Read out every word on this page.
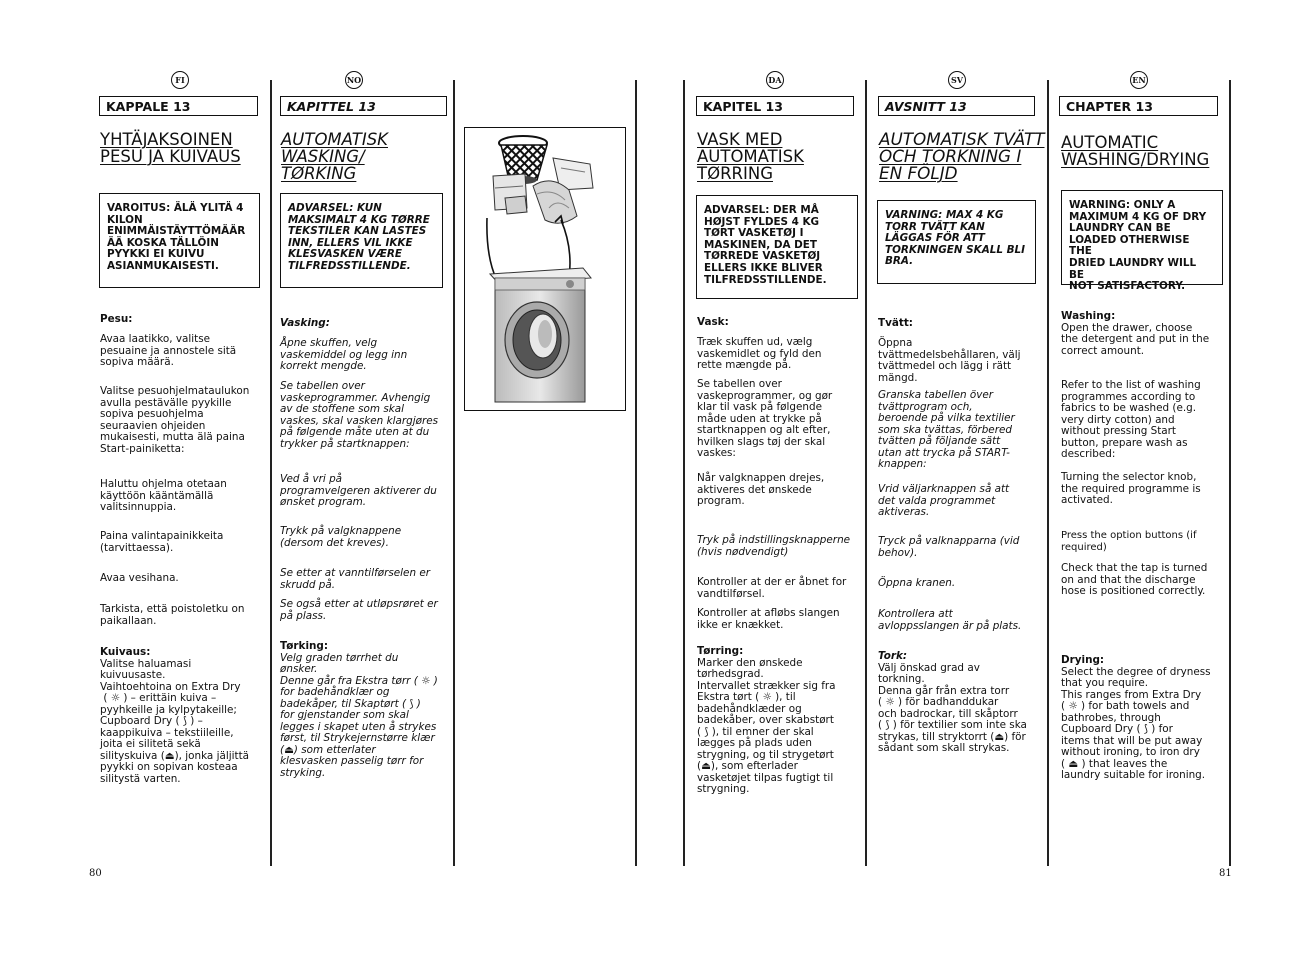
FI	NO	DA	SV	EN
KAPPALE 13
YHTÄJAKSOINEN
PESU JA KUIVAUS
VAROITUS: ÄLÄ YLITÄ 4
KILON
ENIMMÄISTÄYTTÖMÄÄR
ÄÄ KOSKA TÄLLÖIN
PYYKKI EI KUIVU
ASIANMUKAISESTI.
Pesu:
Avaa laatikko, valitse
pesuaine ja annostele sitä
sopiva määrä.
Valitse pesuohjelmataulukon
avulla pestävälle pyykille
sopiva pesuohjelma
seuraavien ohjeiden
mukaisesti, mutta älä paina
Start-painiketta:
Haluttu ohjelma otetaan
käyttöön kääntämällä
valitsinnuppia.
Paina valintapainikkeita
(tarvittaessa).
Avaa vesihana.
Tarkista, että poistoletku on
paikallaan.
Kuivaus:
Valitse haluamasi
kuivuusaste.
Vaihtoehtoina on Extra Dry
( ☼ ) – erittäin kuiva –
pyyhkeille ja kylpytakeille;
Cupboard Dry ( ⟆ ) –
kaappikuiva – tekstiileille,
joita ei silitetä sekä
silityskuiva (⏏), jonka jäljittä
pyykki on sopivan kosteaa
silitystä varten.
KAPITTEL 13
AUTOMATISK
WASKING/
TØRKING
ADVARSEL: KUN
MAKSIMALT 4 KG TØRRE
TEKSTILER KAN LASTES
INN, ELLERS VIL IKKE
KLESVASKEN VÆRE
TILFREDSSTILLENDE.
Vasking:
Åpne skuffen, velg
vaskemiddel og legg inn
korrekt mengde.
Se tabellen over
vaskeprogrammer. Avhengig
av de stoffene som skal
vaskes, skal vasken klargjøres
på følgende måte uten at du
trykker på startknappen:
Ved å vri på
programvelgeren aktiverer du
ønsket program.
Trykk på valgknappene
(dersom det kreves).
Se etter at vanntilførselen er
skrudd på.
Se også etter at utløpsrøret er
på plass.
Tørking:
Velg graden tørrhet du
ønsker.
Denne går fra Ekstra tørr ( ☼ )
for badehåndklær og
badekåper, til Skaptørt ( ⟆ )
for gjenstander som skal
legges i skapet uten å strykes
først, til Strykejernstørre klær
(⏏) som etterlater
klesvasken passelig tørr for
stryking.
KAPITEL 13
VASK MED
AUTOMATISK
TØRRING
ADVARSEL: DER MÅ
HØJST FYLDES 4 KG
TØRT VASKETØJ I
MASKINEN, DA DET
TØRREDE VASKETØJ
ELLERS IKKE BLIVER
TILFREDSSTILLENDE.
Vask:
Træk skuffen ud, vælg
vaskemidlet og fyld den
rette mængde på.
Se tabellen over
vaskeprogrammer, og gør
klar til vask på følgende
måde uden at trykke på
startknappen og alt efter,
hvilken slags tøj der skal
vaskes:
Når valgknappen drejes,
aktiveres det ønskede
program.
Tryk på indstillingsknapperne
(hvis nødvendigt)
Kontroller at der er åbnet for
vandtilførsel.
Kontroller at afløbs slangen
ikke er knækket.
Tørring:
Marker den ønskede
tørhedsgrad.
Intervallet strækker sig fra
Ekstra tørt ( ☼ ), til
badehåndklæder og
badekåber, over skabstørt
( ⟆ ), til emner der skal
lægges på plads uden
strygning, og til strygetørt
(⏏), som efterlader
vasketøjet tilpas fugtigt til
strygning.
AVSNITT 13
AUTOMATISK TVÄTT
OCH TORKNING I
EN FÖLJD
VARNING: MAX 4 KG
TORR TVÄTT KAN
LÄGGAS FÖR ATT
TORKNINGEN SKALL BLI
BRA.
Tvätt:
Öppna
tvättmedelsbehållaren, välj
tvättmedel och lägg i rätt
mängd.
Granska tabellen över
tvättprogram och,
beroende på vilka textilier
som ska tvättas, förbered
tvätten på följande sätt
utan att trycka på START-
knappen:
Vrid väljarknappen så att
det valda programmet
aktiveras.
Tryck på valknapparna (vid
behov).
Öppna kranen.
Kontrollera att
avloppsslangen är på plats.
Tork:
Välj önskad grad av
torkning.
Denna går från extra torr
( ☼ ) för badhanddukar
och badrockar, till skåptorr
( ⟆ ) för textilier som inte ska
strykas, till stryktorrt (⏏) för
sådant som skall strykas.
CHAPTER 13
AUTOMATIC
WASHING/DRYING
WARNING: ONLY A
MAXIMUM 4 KG OF DRY
LAUNDRY CAN BE
LOADED OTHERWISE THE
DRIED LAUNDRY WILL BE
NOT SATISFACTORY.
Washing:
Open the drawer, choose
the detergent and put in the
correct amount.
Refer to the list of washing
programmes according to
fabrics to be washed (e.g.
very dirty cotton) and
without pressing Start
button, prepare wash as
described:
Turning the selector knob,
the required programme is
activated.
Press the option buttons (if
required)
Check that the tap is turned
on and that the discharge
hose is positioned correctly.
Drying:
Select the degree of dryness
that you require.
This ranges from Extra Dry
( ☼ ) for bath towels and
bathrobes, through
Cupboard Dry ( ⟆ ) for
items that will be put away
without ironing, to iron dry
( ⏏ ) that leaves the
laundry suitable for ironing.
80	81
